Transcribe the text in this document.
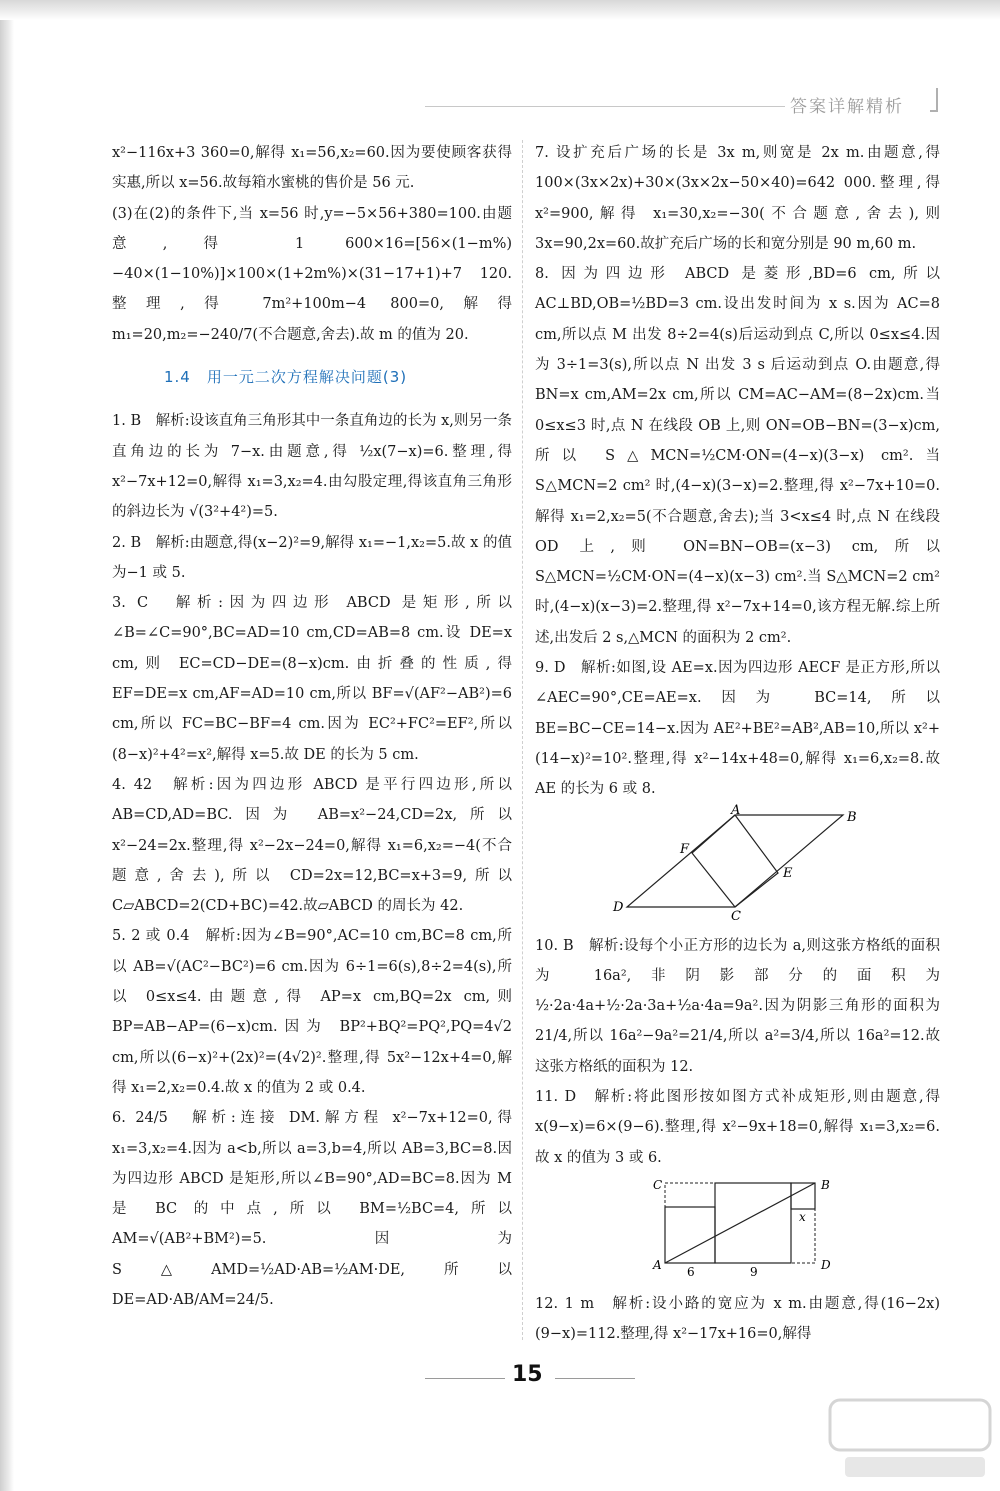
答案详解精析

x²−116x+3 360=0,解得 x₁=56,x₂=60.因为要使顾客获得实惠,所以 x=56.故每箱水蜜桃的售价是 56 元.

(3)在(2)的条件下,当 x=56 时,y=−5×56+380=100.由题意,得 1 600×16=[56×(1−m%)−40×(1−10%)]×100×(1+2m%)×(31−17+1)+7 120.整理,得 7m²+100m−4 800=0,解得 m₁=20,m₂=−240/7(不合题意,舍去).故 m 的值为 20.

1.4　用一元二次方程解决问题(3)

1. B　解析:设该直角三角形其中一条直角边的长为 x,则另一条直角边的长为 7−x.由题意,得 ½x(7−x)=6.整理,得 x²−7x+12=0,解得 x₁=3,x₂=4.由勾股定理,得该直角三角形的斜边长为 √(3²+4²)=5.

2. B　解析:由题意,得(x−2)²=9,解得 x₁=−1,x₂=5.故 x 的值为−1 或 5.

3. C　解析:因为四边形 ABCD 是矩形,所以∠B=∠C=90°,BC=AD=10 cm,CD=AB=8 cm.设 DE=x cm,则 EC=CD−DE=(8−x)cm.由折叠的性质,得 EF=DE=x cm,AF=AD=10 cm,所以 BF=√(AF²−AB²)=6 cm,所以 FC=BC−BF=4 cm.因为 EC²+FC²=EF²,所以(8−x)²+4²=x²,解得 x=5.故 DE 的长为 5 cm.

4. 42　解析:因为四边形 ABCD 是平行四边形,所以 AB=CD,AD=BC.因为 AB=x²−24,CD=2x,所以 x²−24=2x.整理,得 x²−2x−24=0,解得 x₁=6,x₂=−4(不合题意,舍去),所以 CD=2x=12,BC=x+3=9,所以 C▱ABCD=2(CD+BC)=42.故▱ABCD 的周长为 42.

5. 2 或 0.4　解析:因为∠B=90°,AC=10 cm,BC=8 cm,所以 AB=√(AC²−BC²)=6 cm.因为 6÷1=6(s),8÷2=4(s),所以 0≤x≤4.由题意,得 AP=x cm,BQ=2x cm,则 BP=AB−AP=(6−x)cm.因为 BP²+BQ²=PQ²,PQ=4√2 cm,所以(6−x)²+(2x)²=(4√2)².整理,得 5x²−12x+4=0,解得 x₁=2,x₂=0.4.故 x 的值为 2 或 0.4.

6. 24/5　解析:连接 DM.解方程 x²−7x+12=0,得 x₁=3,x₂=4.因为 a<b,所以 a=3,b=4,所以 AB=3,BC=8.因为四边形 ABCD 是矩形,所以∠B=90°,AD=BC=8.因为 M 是 BC 的中点,所以 BM=½BC=4,所以 AM=√(AB²+BM²)=5.因为 S△AMD=½AD·AB=½AM·DE,所以 DE=AD·AB/AM=24/5.

7. 设扩充后广场的长是 3x m,则宽是 2x m.由题意,得 100×(3x×2x)+30×(3x×2x−50×40)=642 000.整理,得 x²=900,解得 x₁=30,x₂=−30(不合题意,舍去),则 3x=90,2x=60.故扩充后广场的长和宽分别是 90 m,60 m.

8. 因为四边形 ABCD 是菱形,BD=6 cm,所以 AC⊥BD,OB=½BD=3 cm.设出发时间为 x s.因为 AC=8 cm,所以点 M 出发 8÷2=4(s)后运动到点 C,所以 0≤x≤4.因为 3÷1=3(s),所以点 N 出发 3 s 后运动到点 O.由题意,得 BN=x cm,AM=2x cm,所以 CM=AC−AM=(8−2x)cm.当 0≤x≤3 时,点 N 在线段 OB 上,则 ON=OB−BN=(3−x)cm,所以 S△MCN=½CM·ON=(4−x)(3−x) cm².当 S△MCN=2 cm² 时,(4−x)(3−x)=2.整理,得 x²−7x+10=0.解得 x₁=2,x₂=5(不合题意,舍去);当 3<x≤4 时,点 N 在线段 OD 上,则 ON=BN−OB=(x−3) cm,所以 S△MCN=½CM·ON=(4−x)(x−3) cm².当 S△MCN=2 cm² 时,(4−x)(x−3)=2.整理,得 x²−7x+14=0,该方程无解.综上所述,出发后 2 s,△MCN 的面积为 2 cm².

9. D　解析:如图,设 AE=x.因为四边形 AECF 是正方形,所以∠AEC=90°,CE=AE=x.因为 BC=14,所以 BE=BC−CE=14−x.因为 AE²+BE²=AB²,AB=10,所以 x²+(14−x)²=10².整理,得 x²−14x+48=0,解得 x₁=6,x₂=8.故 AE 的长为 6 或 8.

A	B
F
E
D
C

10. B　解析:设每个小正方形的边长为 a,则这张方格纸的面积为 16a²,非阴影部分的面积为 ½·2a·4a+½·2a·3a+½a·4a=9a².因为阴影三角形的面积为 21/4,所以 16a²−9a²=21/4,所以 a²=3/4,所以 16a²=12.故这张方格纸的面积为 12.

11. D　解析:将此图形按如图方式补成矩形,则由题意,得 x(9−x)=6×(9−6).整理,得 x²−9x+18=0,解得 x₁=3,x₂=6.故 x 的值为 3 或 6.

C	B
x
A 6	9	D

12. 1 m　解析:设小路的宽应为 x m.由题意,得(16−2x)(9−x)=112.整理,得 x²−17x+16=0,解得

15
